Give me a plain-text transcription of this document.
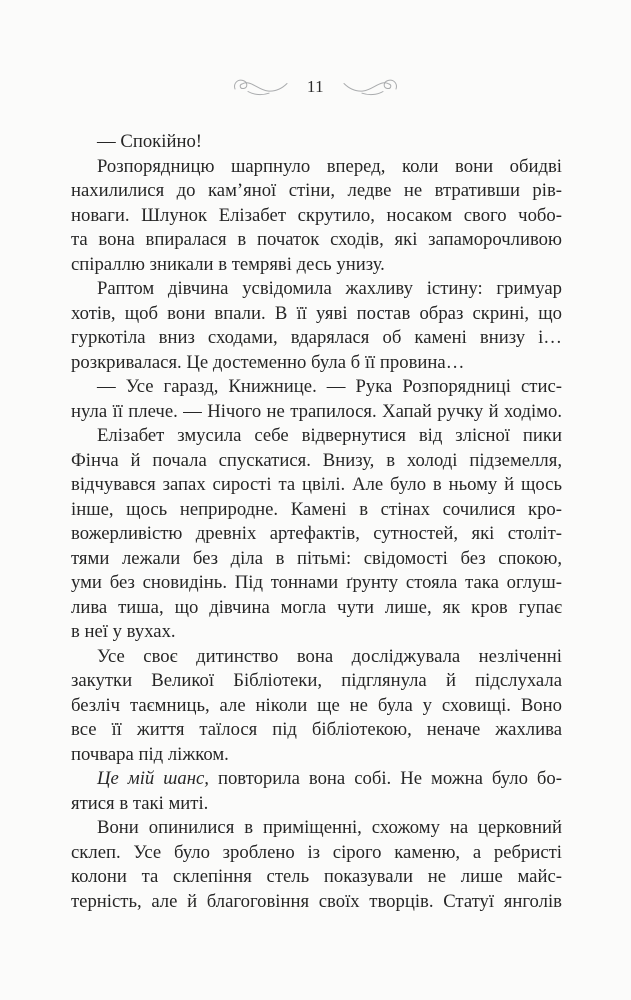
11
— Спокійно!
Розпорядницю шарпнуло вперед, коли вони обидві
нахилилися до кам’яної стіни, ледве не втративши рів-
новаги. Шлунок Елізабет скрутило, носаком свого чобо-
та вона впиралася в початок сходів, які запаморочливою
спіраллю зникали в темряві десь унизу.
Раптом дівчина усвідомила жахливу істину: гримуар
хотів, щоб вони впали. В її уяві постав образ скрині, що
гуркотіла вниз сходами, вдарялася об камені внизу і…
розкривалася. Це достеменно була б її провина…
— Усе гаразд, Книжнице. — Рука Розпорядниці стис-
нула її плече. — Нічого не трапилося. Хапай ручку й ходімо.
Елізабет змусила себе відвернутися від злісної пики
Фінча й почала спускатися. Внизу, в холоді підземелля,
відчувався запах сирості та цвілі. Але було в ньому й щось
інше, щось неприродне. Камені в стінах сочилися кро-
вожерливістю древніх артефактів, сутностей, які століт-
тями лежали без діла в пітьмі: свідомості без спокою,
уми без сновидінь. Під тоннами ґрунту стояла така оглуш-
лива тиша, що дівчина могла чути лише, як кров гупає
в неї у вухах.
Усе своє дитинство вона досліджувала незліченні
закутки Великої Бібліотеки, підглянула й підслухала
безліч таємниць, але ніколи ще не була у сховищі. Воно
все її життя таїлося під бібліотекою, неначе жахлива
почвара під ліжком.
Це мій шанс, повторила вона собі. Не можна було бо-
ятися в такі миті.
Вони опинилися в приміщенні, схожому на церковний
склеп. Усе було зроблено із сірого каменю, а ребристі
колони та склепіння стель показували не лише майс-
терність, але й благоговіння своїх творців. Статуї янголів
